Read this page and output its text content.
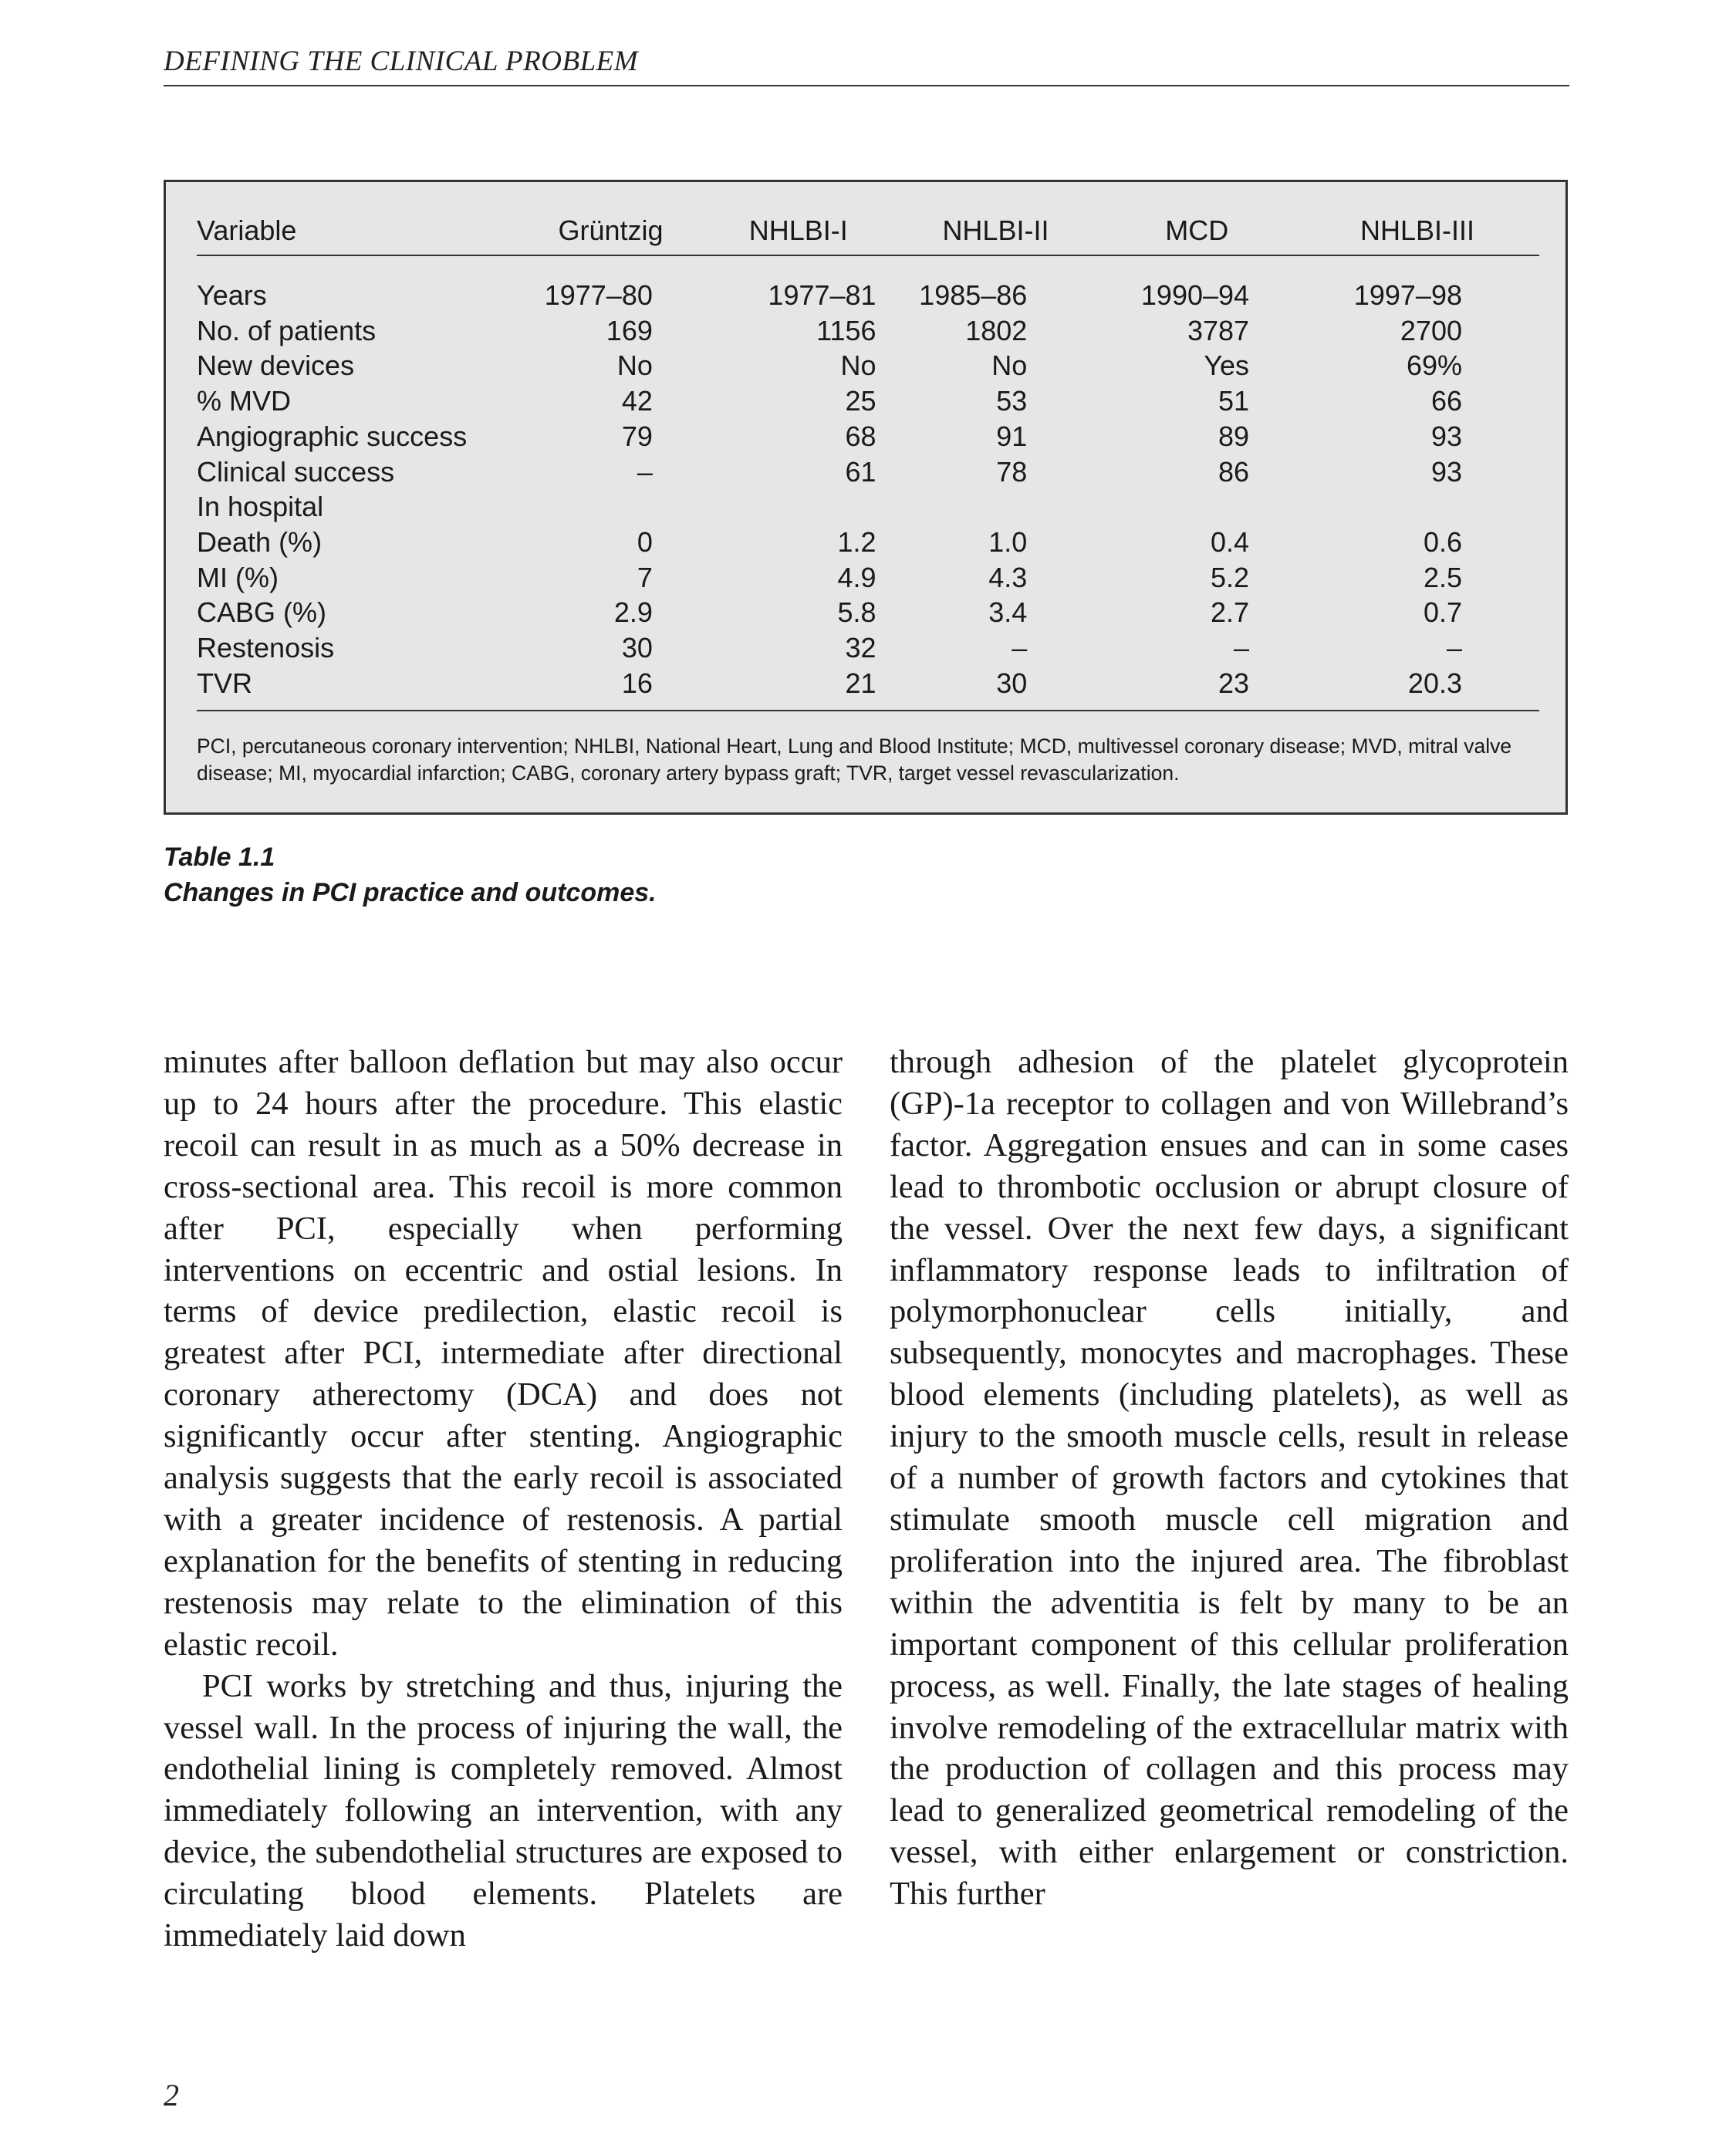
DEFINING THE CLINICAL PROBLEM
Variable	Grüntzig	NHLBI-I	NHLBI-II	MCD	NHLBI-III
Years	1977–80	1977–81	1985–86	1990–94	1997–98
No. of patients	169	1156	1802	3787	2700
New devices	No	No	No	Yes	69%
% MVD	42	25	53	51	66
Angiographic success	79	68	91	89	93
Clinical success	–	61	78	86	93
In hospital					
Death (%)	0	1.2	1.0	0.4	0.6
MI (%)	7	4.9	4.3	5.2	2.5
CABG (%)	2.9	5.8	3.4	2.7	0.7
Restenosis	30	32	–	–	–
TVR	16	21	30	23	20.3
PCI, percutaneous coronary intervention; NHLBI, National Heart, Lung and Blood Institute; MCD, multivessel coronary disease; MVD, mitral valve disease; MI, myocardial infarction; CABG, coronary artery bypass graft; TVR, target vessel revascularization.
Table 1.1
Changes in PCI practice and outcomes.

minutes after balloon deflation but may also occur up to 24 hours after the procedure. This elastic recoil can result in as much as a 50% decrease in cross-sectional area. This recoil is more common after PCI, especially when performing interventions on eccentric and ostial lesions. In terms of device predilection, elastic recoil is greatest after PCI, intermediate after directional coronary atherectomy (DCA) and does not significantly occur after stenting. Angiographic analysis suggests that the early recoil is associated with a greater incidence of restenosis. A partial explanation for the benefits of stenting in reducing restenosis may relate to the elimination of this elastic recoil.

PCI works by stretching and thus, injuring the vessel wall. In the process of injuring the wall, the endothelial lining is completely removed. Almost immediately following an intervention, with any device, the subendothelial structures are exposed to circulating blood elements. Platelets are immediately laid down

through adhesion of the platelet glycoprotein (GP)-1a receptor to collagen and von Willebrand’s factor. Aggregation ensues and can in some cases lead to thrombotic occlusion or abrupt closure of the vessel. Over the next few days, a significant inflammatory response leads to infiltration of polymorphonuclear cells initially, and subsequently, monocytes and macrophages. These blood elements (including platelets), as well as injury to the smooth muscle cells, result in release of a number of growth factors and cytokines that stimulate smooth muscle cell migration and proliferation into the injured area. The fibroblast within the adventitia is felt by many to be an important component of this cellular proliferation process, as well. Finally, the late stages of healing involve remodeling of the extracellular matrix with the production of collagen and this process may lead to generalized geometrical remodeling of the vessel, with either enlargement or constriction. This further

2
